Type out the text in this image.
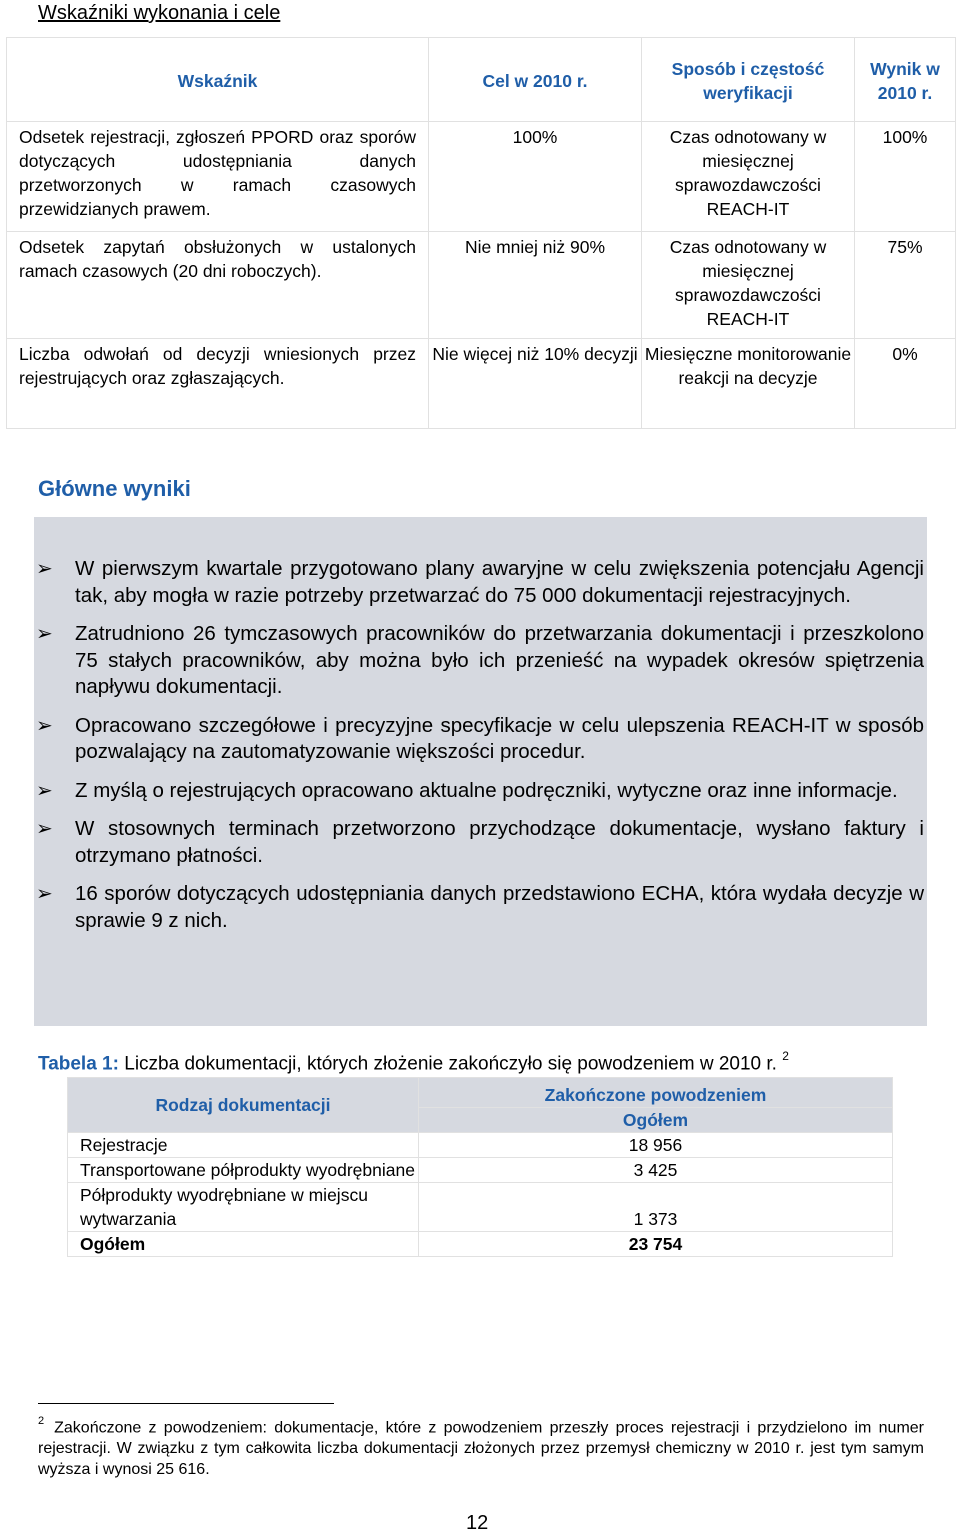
Wskaźniki wykonania i cele
Wskaźnik	Cel w 2010 r.	Sposób i częstość weryfikacji	Wynik w 2010 r.

Odsetek rejestracji, zgłoszeń PPORD oraz sporów dotyczących udostępniania danych przetworzonych w ramach czasowych przewidzianych prawem.	100%	Czas odnotowany w miesięcznej sprawozdawczości REACH-IT	100%

Odsetek zapytań obsłużonych w ustalonych ramach czasowych (20 dni roboczych).	Nie mniej niż 90%	Czas odnotowany w miesięcznej sprawozdawczości REACH-IT	75%

Liczba odwołań od decyzji wniesionych przez rejestrujących oraz zgłaszających.	Nie więcej niż 10% decyzji	Miesięczne monitorowanie reakcji na decyzje	0%
Główne wyniki
➢ W pierwszym kwartale przygotowano plany awaryjne w celu zwiększenia potencjału Agencji tak, aby mogła w razie potrzeby przetwarzać do 75 000 dokumentacji rejestracyjnych.
➢ Zatrudniono 26 tymczasowych pracowników do przetwarzania dokumentacji i przeszkolono 75 stałych pracowników, aby można było ich przenieść na wypadek okresów spiętrzenia napływu dokumentacji.
➢ Opracowano szczegółowe i precyzyjne specyfikacje w celu ulepszenia REACH-IT w sposób pozwalający na zautomatyzowanie większości procedur.
➢ Z myślą o rejestrujących opracowano aktualne podręczniki, wytyczne oraz inne informacje.
➢ W stosownych terminach przetworzono przychodzące dokumentacje, wysłano faktury i otrzymano płatności.
➢ 16 sporów dotyczących udostępniania danych przedstawiono ECHA, która wydała decyzje w sprawie 9 z nich.
Tabela 1: Liczba dokumentacji, których złożenie zakończyło się powodzeniem w 2010 r. $^2$
Rodzaj dokumentacji	Zakończone powodzeniem
	Ogółem
Rejestracje	18 956
Transportowane półprodukty wyodrębniane	3 425
Półprodukty wyodrębniane w miejscu wytwarzania	1 373
Ogółem	23 754
$^2$ Zakończone z powodzeniem: dokumentacje, które z powodzeniem przeszły proces rejestracji i przydzielono im numer rejestracji. W związku z tym całkowita liczba dokumentacji złożonych przez przemysł chemiczny w 2010 r. jest tym samym wyższa i wynosi 25 616.
12
